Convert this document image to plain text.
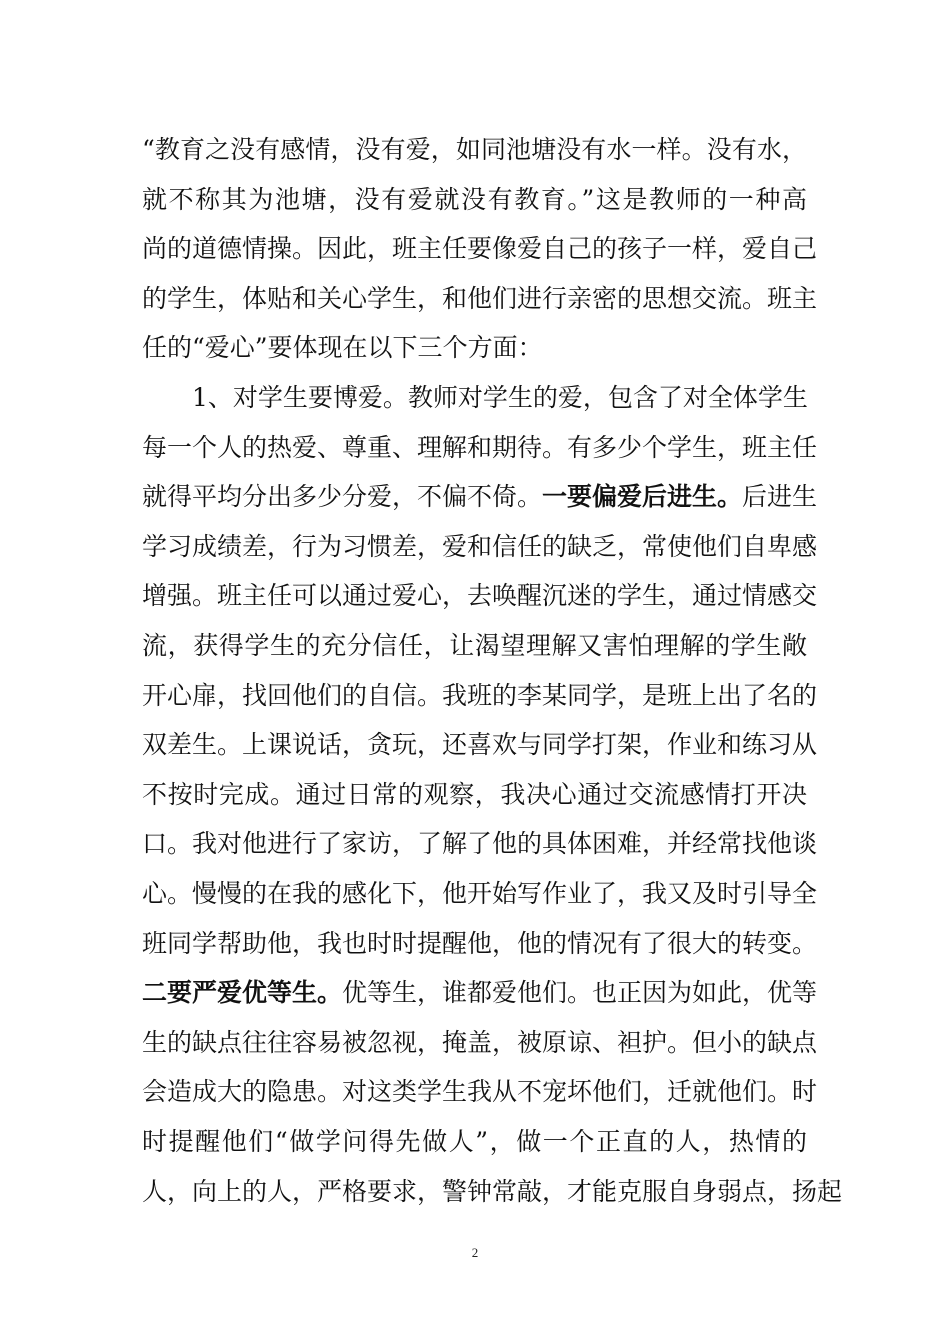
“教育之没有感情，没有爱，如同池塘没有水一样。没有水，
就不称其为池塘，没有爱就没有教育。”这是教师的一种高
尚的道德情操。因此，班主任要像爱自己的孩子一样，爱自己
的学生，体贴和关心学生，和他们进行亲密的思想交流。班主
任的“爱心”要体现在以下三个方面：
1、对学生要博爱。教师对学生的爱，包含了对全体学生
每一个人的热爱、尊重、理解和期待。有多少个学生，班主任
就得平均分出多少分爱，不偏不倚。一要偏爱后进生。后进生
学习成绩差，行为习惯差，爱和信任的缺乏，常使他们自卑感
增强。班主任可以通过爱心，去唤醒沉迷的学生，通过情感交
流，获得学生的充分信任，让渴望理解又害怕理解的学生敞
开心扉，找回他们的自信。我班的李某同学，是班上出了名的
双差生。上课说话，贪玩，还喜欢与同学打架，作业和练习从
不按时完成。通过日常的观察，我决心通过交流感情打开决
口。我对他进行了家访，了解了他的具体困难，并经常找他谈
心。慢慢的在我的感化下，他开始写作业了，我又及时引导全
班同学帮助他，我也时时提醒他，他的情况有了很大的转变。
二要严爱优等生。优等生，谁都爱他们。也正因为如此，优等
生的缺点往往容易被忽视，掩盖，被原谅、袒护。但小的缺点
会造成大的隐患。对这类学生我从不宠坏他们，迁就他们。时
时提醒他们“做学问得先做人”，做一个正直的人，热情的
人，向上的人，严格要求，警钟常敲，才能克服自身弱点，扬起
2
